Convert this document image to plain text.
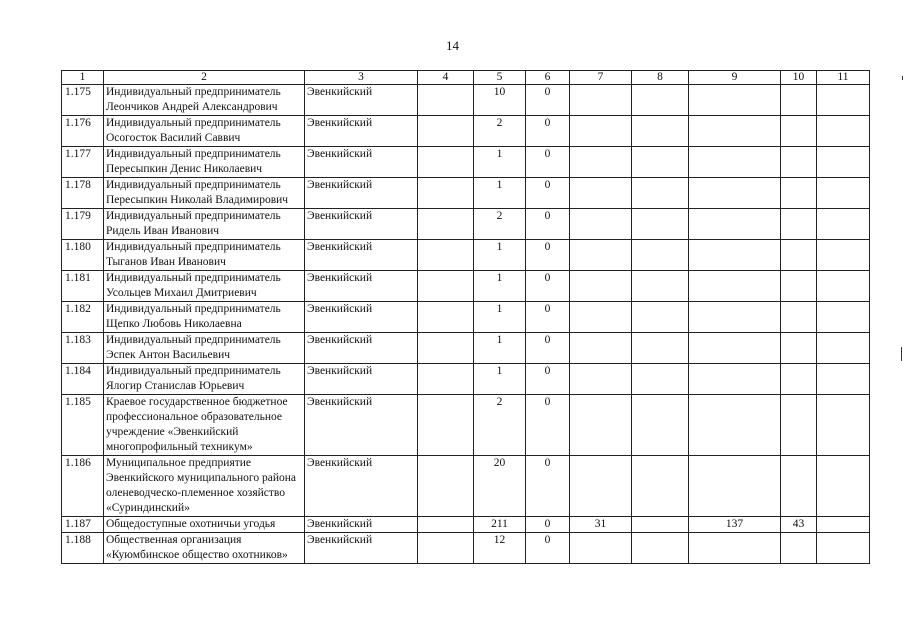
14
1	2	3	4	5	6	7	8	9	10	11
1.175	Индивидуальный предприниматель Леончиков Андрей Александрович	Эвенкийский		10	0					
1.176	Индивидуальный предприниматель Осогосток Василий Саввич	Эвенкийский		2	0					
1.177	Индивидуальный предприниматель Пересыпкин Денис Николаевич	Эвенкийский		1	0					
1.178	Индивидуальный предприниматель Пересыпкин Николай Владимирович	Эвенкийский		1	0					
1.179	Индивидуальный предприниматель Ридель Иван Иванович	Эвенкийский		2	0					
1.180	Индивидуальный предприниматель Тыганов Иван Иванович	Эвенкийский		1	0					
1.181	Индивидуальный предприниматель Усольцев Михаил Дмитриевич	Эвенкийский		1	0					
1.182	Индивидуальный предприниматель Щепко Любовь Николаевна	Эвенкийский		1	0					
1.183	Индивидуальный предприниматель Эспек Антон Васильевич	Эвенкийский		1	0					
1.184	Индивидуальный предприниматель Ялогир Станислав Юрьевич	Эвенкийский		1	0					
1.185	Краевое государственное бюджетное профессиональное образовательное учреждение «Эвенкийский многопрофильный техникум»	Эвенкийский		2	0					
1.186	Муниципальное предприятие Эвенкийского муниципального района оленеводческо-племенное хозяйство «Суриндинский»	Эвенкийский		20	0					
1.187	Общедоступные охотничьи угодья	Эвенкийский		211	0	31		137	43	
1.188	Общественная организация «Куюмбинское общество охотников»	Эвенкийский		12	0					
